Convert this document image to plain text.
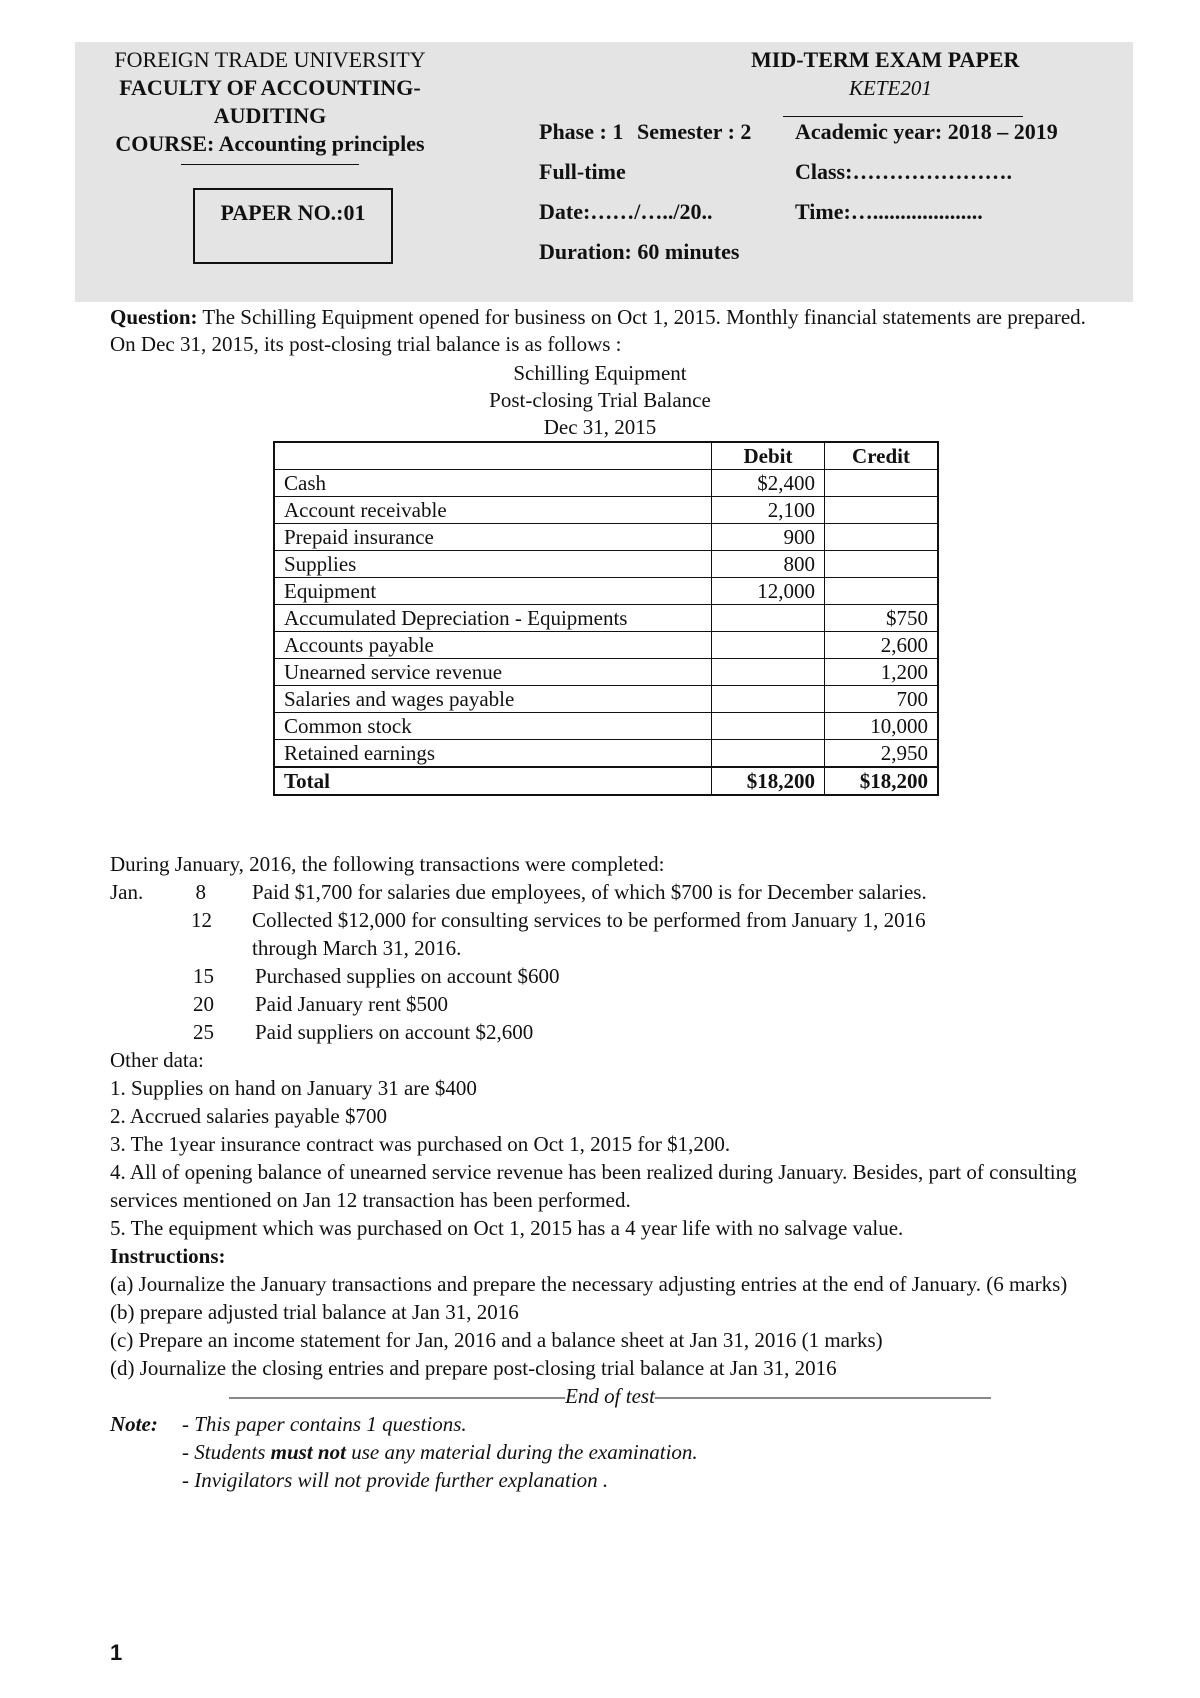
FOREIGN TRADE UNIVERSITY
FACULTY OF ACCOUNTING-
AUDITING
COURSE: Accounting principles
PAPER NO.:01
MID-TERM EXAM PAPER
KETE201
Phase : 1 Semester : 2 Academic year: 2018 – 2019
Full-time	Class:………………….
Date:……/…../20..	Time:…....................
Duration: 60 minutes
Question: The Schilling Equipment opened for business on Oct 1, 2015. Monthly financial statements are prepared. On Dec 31, 2015, its post-closing trial balance is as follows :
Schilling Equipment
Post-closing Trial Balance
Dec 31, 2015
	Debit	Credit
Cash	$2,400	
Account receivable	2,100	
Prepaid insurance	900	
Supplies	800	
Equipment	12,000	
Accumulated Depreciation - Equipments		$750
Accounts payable		2,600
Unearned service revenue		1,200
Salaries and wages payable		700
Common stock		10,000
Retained earnings		2,950
Total	$18,200	$18,200
During January, 2016, the following transactions were completed:
Jan.	8 Paid $1,700 for salaries due employees, of which $700 is for December salaries.
12 Collected $12,000 for consulting services to be performed from January 1, 2016
through March 31, 2016.
15 Purchased supplies on account $600
20 Paid January rent $500
25 Paid suppliers on account $2,600
Other data:
1. Supplies on hand on January 31 are $400
2. Accrued salaries payable $700
3. The 1year insurance contract was purchased on Oct 1, 2015 for $1,200.
4. All of opening balance of unearned service revenue has been realized during January. Besides, part of consulting services mentioned on Jan 12 transaction has been performed.
5. The equipment which was purchased on Oct 1, 2015 has a 4 year life with no salvage value.
Instructions:
(a) Journalize the January transactions and prepare the necessary adjusting entries at the end of January. (6 marks)
(b) prepare adjusted trial balance at Jan 31, 2016
(c) Prepare an income statement for Jan, 2016 and a balance sheet at Jan 31, 2016 (1 marks)
(d) Journalize the closing entries and prepare post-closing trial balance at Jan 31, 2016
————————————————End of test————————————————
Note: - This paper contains 1 questions.
- Students must not use any material during the examination.
- Invigilators will not provide further explanation .
1
